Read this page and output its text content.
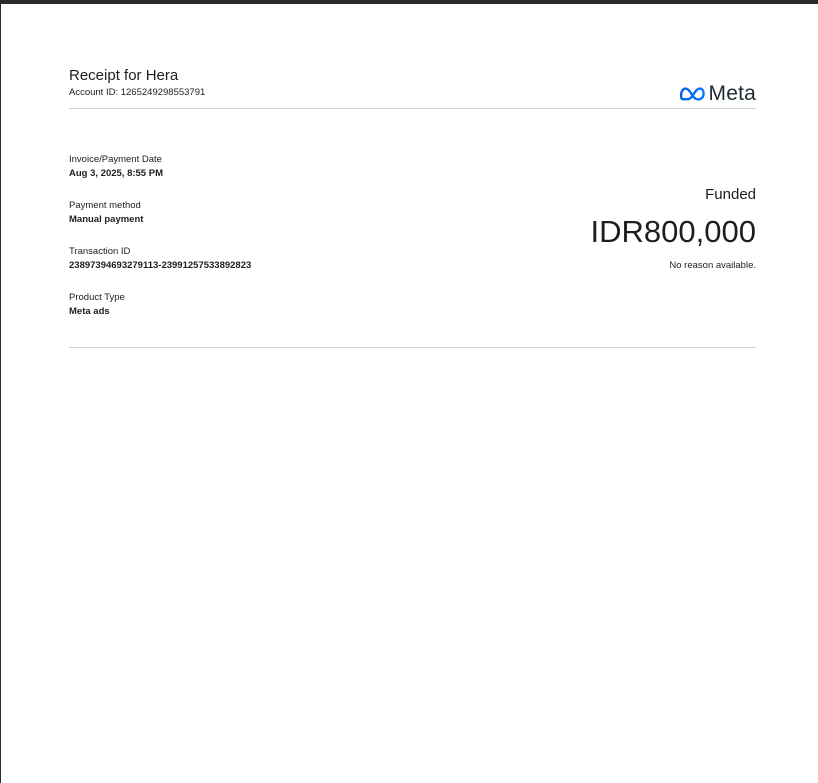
Receipt for Hera
Account ID: 1265249298553791	Meta
Invoice/Payment Date
Aug 3, 2025, 8:55 PM
Payment method
Manual payment
Transaction ID
23897394693279113-23991257533892823
Product Type
Meta ads
Funded
IDR800,000
No reason available.
